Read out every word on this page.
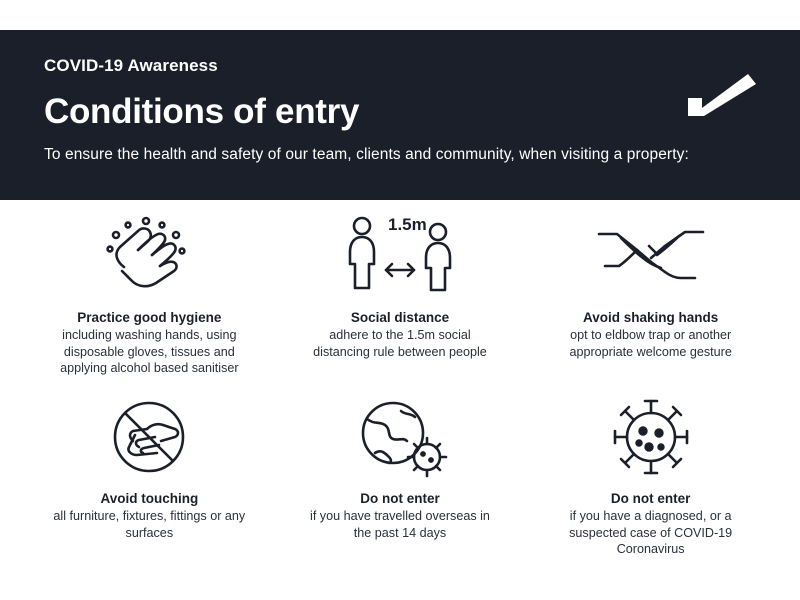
COVID-19 Awareness
Conditions of entry
To ensure the health and safety of our team, clients and community, when visiting a property:
Practice good hygiene
including washing hands, using disposable gloves, tissues and applying alcohol based sanitiser
1.5m
Social distance
adhere to the 1.5m social distancing rule between people
Avoid shaking hands
opt to eldbow trap or another appropriate welcome gesture
Avoid touching
all furniture, fixtures, fittings or any surfaces
Do not enter
if you have travelled overseas in the past 14 days
Do not enter
if you have a diagnosed, or a suspected case of COVID-19 Coronavirus
